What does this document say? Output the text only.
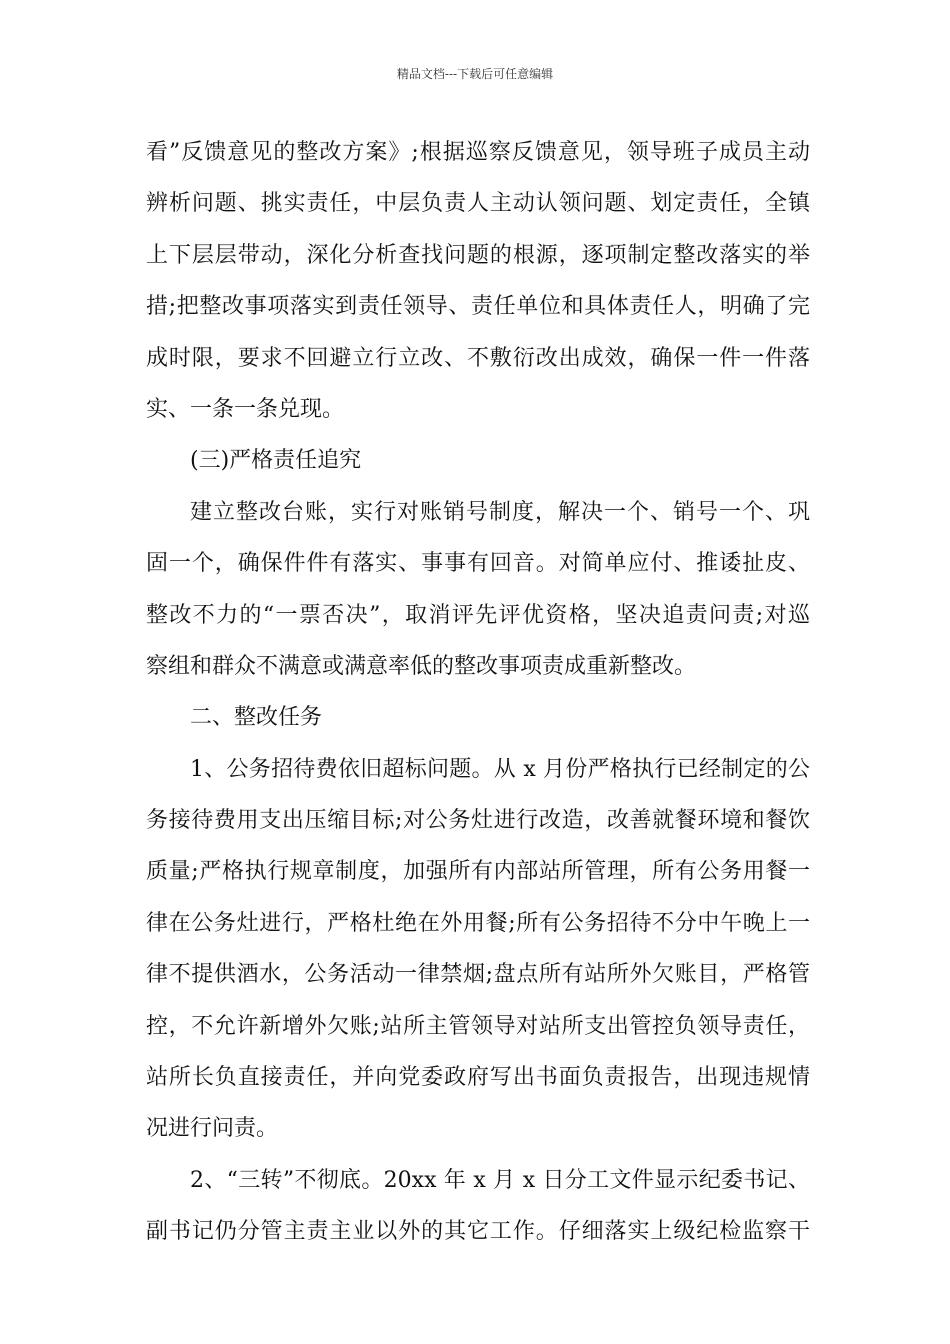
精品文档---下载后可任意编辑
看”反馈意见的整改方案》;根据巡察反馈意见，领导班子成员主动
辨析问题、挑实责任，中层负责人主动认领问题、划定责任，全镇
上下层层带动，深化分析查找问题的根源，逐项制定整改落实的举
措;把整改事项落实到责任领导、责任单位和具体责任人，明确了完
成时限，要求不回避立行立改、不敷衍改出成效，确保一件一件落
实、一条一条兑现。
(三)严格责任追究
建立整改台账，实行对账销号制度，解决一个、销号一个、巩
固一个，确保件件有落实、事事有回音。对简单应付、推诿扯皮、
整改不力的“一票否决”，取消评先评优资格，坚决追责问责;对巡
察组和群众不满意或满意率低的整改事项责成重新整改。
二、整改任务
1、公务招待费依旧超标问题。从 x 月份严格执行已经制定的公
务接待费用支出压缩目标;对公务灶进行改造，改善就餐环境和餐饮
质量;严格执行规章制度，加强所有内部站所管理，所有公务用餐一
律在公务灶进行，严格杜绝在外用餐;所有公务招待不分中午晚上一
律不提供酒水，公务活动一律禁烟;盘点所有站所外欠账目，严格管
控，不允许新增外欠账;站所主管领导对站所支出管控负领导责任，
站所长负直接责任，并向党委政府写出书面负责报告，出现违规情
况进行问责。
2、“三转”不彻底。20xx 年 x 月 x 日分工文件显示纪委书记、
副书记仍分管主责主业以外的其它工作。仔细落实上级纪检监察干
